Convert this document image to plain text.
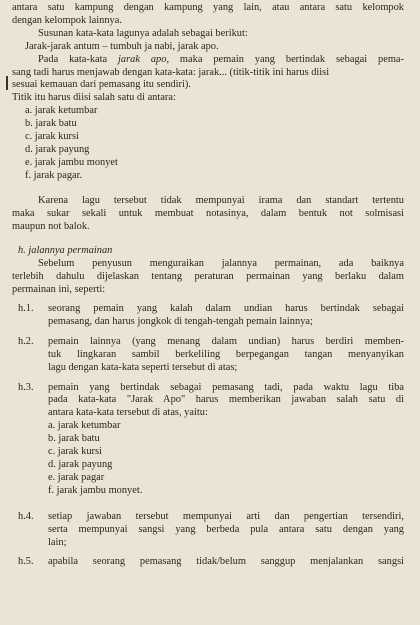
antara satu kampung dengan kampung yang lain, atau antara satu kelompok
dengan kelompok lainnya.
Susunan kata-kata lagunya adalah sebagai berikut:
Jarak-jarak antum – tumbuh ja nabi, jarak apo.
Pada kata-kata jarak apo, maka pemain yang bertindak sebagai pema-
sang tadi harus menjawab dengan kata-kata: jarak... (titik-titik ini harus diisi
sesuai kemauan dari pemasang itu sendiri).
Titik itu harus diisi salah satu di antara:
a. jarak ketumbar
b. jarak batu
c. jarak kursi
d. jarak payung
e. jarak jambu monyet
f. jarak pagar.
Karena lagu tersebut tidak mempunyai irama dan standart tertentu
maka sukar sekali untuk membuat notasinya, dalam bentuk not solmisasi
maupun not balok.
h. jalannya permainan
Sebelum penyusun menguraikan jalannya permainan, ada baiknya
terlebih dahulu dijelaskan tentang peraturan permainan yang berlaku dalam
permainan ini, seperti:
h.1.	seorang pemain yang kalah dalam undian harus bertindak sebagai
pemasang, dan harus jongkok di tengah-tengah pemain lainnya;
h.2.	pemain lainnya (yang menang dalam undian) harus berdiri memben-
tuk lingkaran sambil berkeliling berpegangan tangan menyanyikan
lagu dengan kata-kata seperti tersebut di atas;
h.3.	pemain yang bertindak sebagai pemasang tadi, pada waktu lagu tiba
pada kata-kata "Jarak Apo" harus memberikan jawaban salah satu di
antara kata-kata tersebut di atas, yaitu:
a. jarak ketumbar
b. jarak batu
c. jarak kursi
d. jarak payung
e. jarak pagar
f. jarak jambu monyet.
h.4.	setiap jawaban tersebut mempunyai arti dan pengertian tersendiri,
serta mempunyai sangsi yang berbeda pula antara satu dengan yang
lain;
h.5.	apabila seorang pemasang tidak/belum sanggup menjalankan sangsi
